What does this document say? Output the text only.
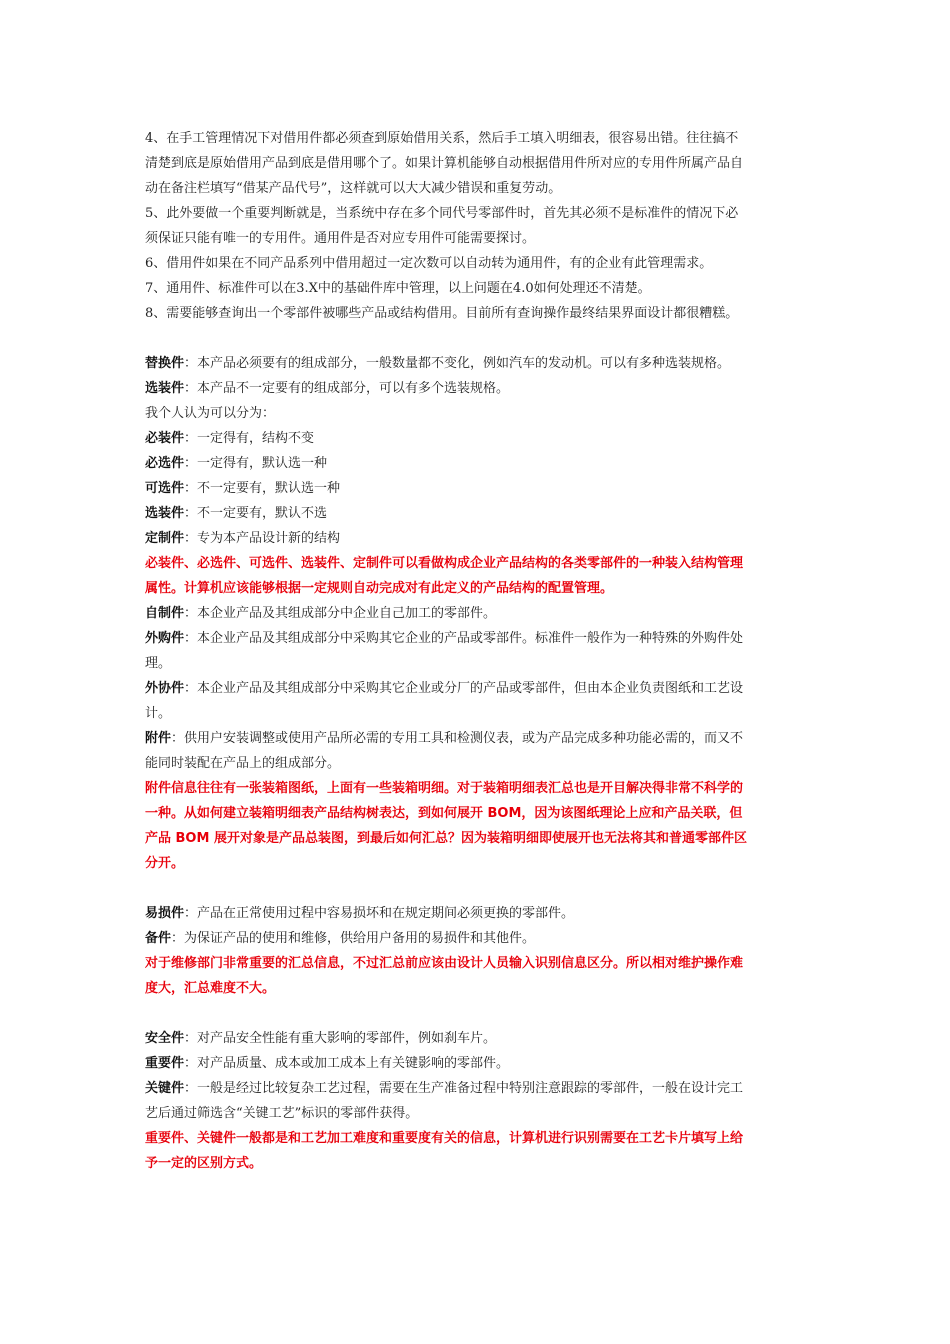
4、在手工管理情况下对借用件都必须查到原始借用关系，然后手工填入明细表，很容易出错。往往搞不
清楚到底是原始借用产品到底是借用哪个了。如果计算机能够自动根据借用件所对应的专用件所属产品自
动在备注栏填写“借某产品代号”，这样就可以大大减少错误和重复劳动。
5、此外要做一个重要判断就是，当系统中存在多个同代号零部件时，首先其必须不是标准件的情况下必
须保证只能有唯一的专用件。通用件是否对应专用件可能需要探讨。
6、借用件如果在不同产品系列中借用超过一定次数可以自动转为通用件，有的企业有此管理需求。
7、通用件、标准件可以在3.X中的基础件库中管理，以上问题在4.0如何处理还不清楚。
8、需要能够查询出一个零部件被哪些产品或结构借用。目前所有查询操作最终结果界面设计都很糟糕。
替换件：本产品必须要有的组成部分，一般数量都不变化，例如汽车的发动机。可以有多种选装规格。
选装件：本产品不一定要有的组成部分，可以有多个选装规格。
我个人认为可以分为：
必装件：一定得有，结构不变
必选件：一定得有，默认选一种
可选件：不一定要有，默认选一种
选装件：不一定要有，默认不选
定制件：专为本产品设计新的结构
必装件、必选件、可选件、选装件、定制件可以看做构成企业产品结构的各类零部件的一种装入结构管理
属性。计算机应该能够根据一定规则自动完成对有此定义的产品结构的配置管理。
自制件：本企业产品及其组成部分中企业自己加工的零部件。
外购件：本企业产品及其组成部分中采购其它企业的产品或零部件。标准件一般作为一种特殊的外购件处
理。
外协件：本企业产品及其组成部分中采购其它企业或分厂的产品或零部件，但由本企业负责图纸和工艺设
计。
附件：供用户安装调整或使用产品所必需的专用工具和检测仪表，或为产品完成多种功能必需的，而又不
能同时装配在产品上的组成部分。
附件信息往往有一张装箱图纸，上面有一些装箱明细。对于装箱明细表汇总也是开目解决得非常不科学的
一种。从如何建立装箱明细表产品结构树表达，到如何展开 BOM，因为该图纸理论上应和产品关联，但
产品 BOM 展开对象是产品总装图，到最后如何汇总？因为装箱明细即使展开也无法将其和普通零部件区
分开。
易损件：产品在正常使用过程中容易损坏和在规定期间必须更换的零部件。
备件：为保证产品的使用和维修，供给用户备用的易损件和其他件。
对于维修部门非常重要的汇总信息，不过汇总前应该由设计人员输入识别信息区分。所以相对维护操作难
度大，汇总难度不大。
安全件：对产品安全性能有重大影响的零部件，例如刹车片。
重要件：对产品质量、成本或加工成本上有关键影响的零部件。
关键件：一般是经过比较复杂工艺过程，需要在生产准备过程中特别注意跟踪的零部件，一般在设计完工
艺后通过筛选含“关键工艺”标识的零部件获得。
重要件、关键件一般都是和工艺加工难度和重要度有关的信息，计算机进行识别需要在工艺卡片填写上给
予一定的区别方式。
